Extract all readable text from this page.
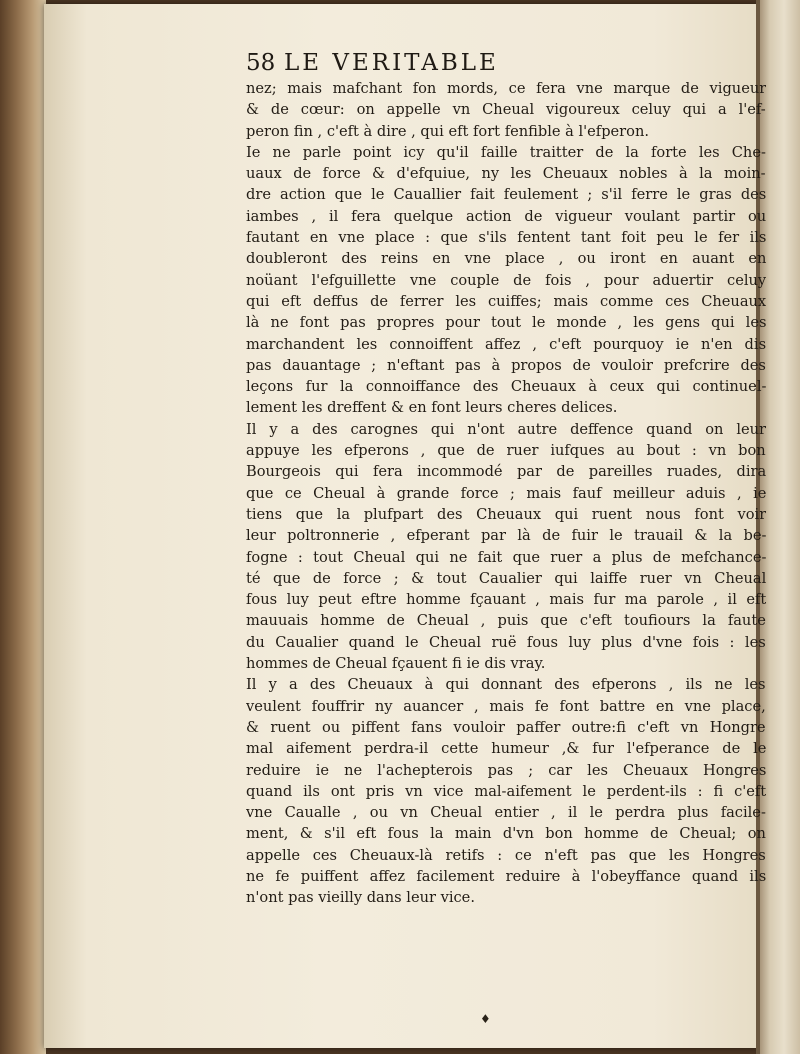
58 LE VERITABLE
nez; mais mafchant fon mords, ce fera vne marque de vigueur
& de cœur: on appelle vn Cheual vigoureux celuy qui a l'ef-
peron fin , c'eft à dire , qui eft fort fenfible à l'efperon.
Ie ne parle point icy qu'il faille traitter de la forte les Che-
uaux de force & d'efquiue, ny les Cheuaux nobles à la moin-
dre action que le Cauallier fait feulement ; s'il ferre le gras des
iambes , il fera quelque action de vigueur voulant partir ou
fautant en vne place : que s'ils fentent tant foit peu le fer ils
doubleront des reins en vne place , ou iront en auant en
noüant l'efguillette vne couple de fois , pour aduertir celuy
qui eft deffus de ferrer les cuiffes; mais comme ces Cheuaux
là ne font pas propres pour tout le monde , les gens qui les
marchandent les connoiffent affez , c'eft pourquoy ie n'en dis
pas dauantage ; n'eftant pas à propos de vouloir prefcrire des
leçons fur la connoiffance des Cheuaux à ceux qui continuel-
lement les dreffent & en font leurs cheres delices.
Il y a des carognes qui n'ont autre deffence quand on leur
appuye les efperons , que de ruer iufques au bout : vn bon
Bourgeois qui fera incommodé par de pareilles ruades, dira
que ce Cheual à grande force ; mais fauf meilleur aduis , ie
tiens que la plufpart des Cheuaux qui ruent nous font voir
leur poltronnerie , efperant par là de fuir le trauail & la be-
fogne : tout Cheual qui ne fait que ruer a plus de mefchance-
té que de force ; & tout Caualier qui laiffe ruer vn Cheual
fous luy peut eftre homme fçauant , mais fur ma parole , il eft
mauuais homme de Cheual , puis que c'eft toufiours la faute
du Caualier quand le Cheual ruë fous luy plus d'vne fois : les
hommes de Cheual fçauent fi ie dis vray.
Il y a des Cheuaux à qui donnant des efperons , ils ne les
veulent fouffrir ny auancer , mais fe font battre en vne place,
& ruent ou piffent fans vouloir paffer outre:fi c'eft vn Hongre
mal aifement perdra-il cette humeur ,& fur l'efperance de le
reduire ie ne l'achepterois pas ; car les Cheuaux Hongres
quand ils ont pris vn vice mal-aifement le perdent-ils : fi c'eft
vne Caualle , ou vn Cheual entier , il le perdra plus facile-
ment, & s'il eft fous la main d'vn bon homme de Cheual; on
appelle ces Cheuaux-là retifs : ce n'eft pas que les Hongres
ne fe puiffent affez facilement reduire à l'obeyffance quand ils
n'ont pas vieilly dans leur vice.
♦
